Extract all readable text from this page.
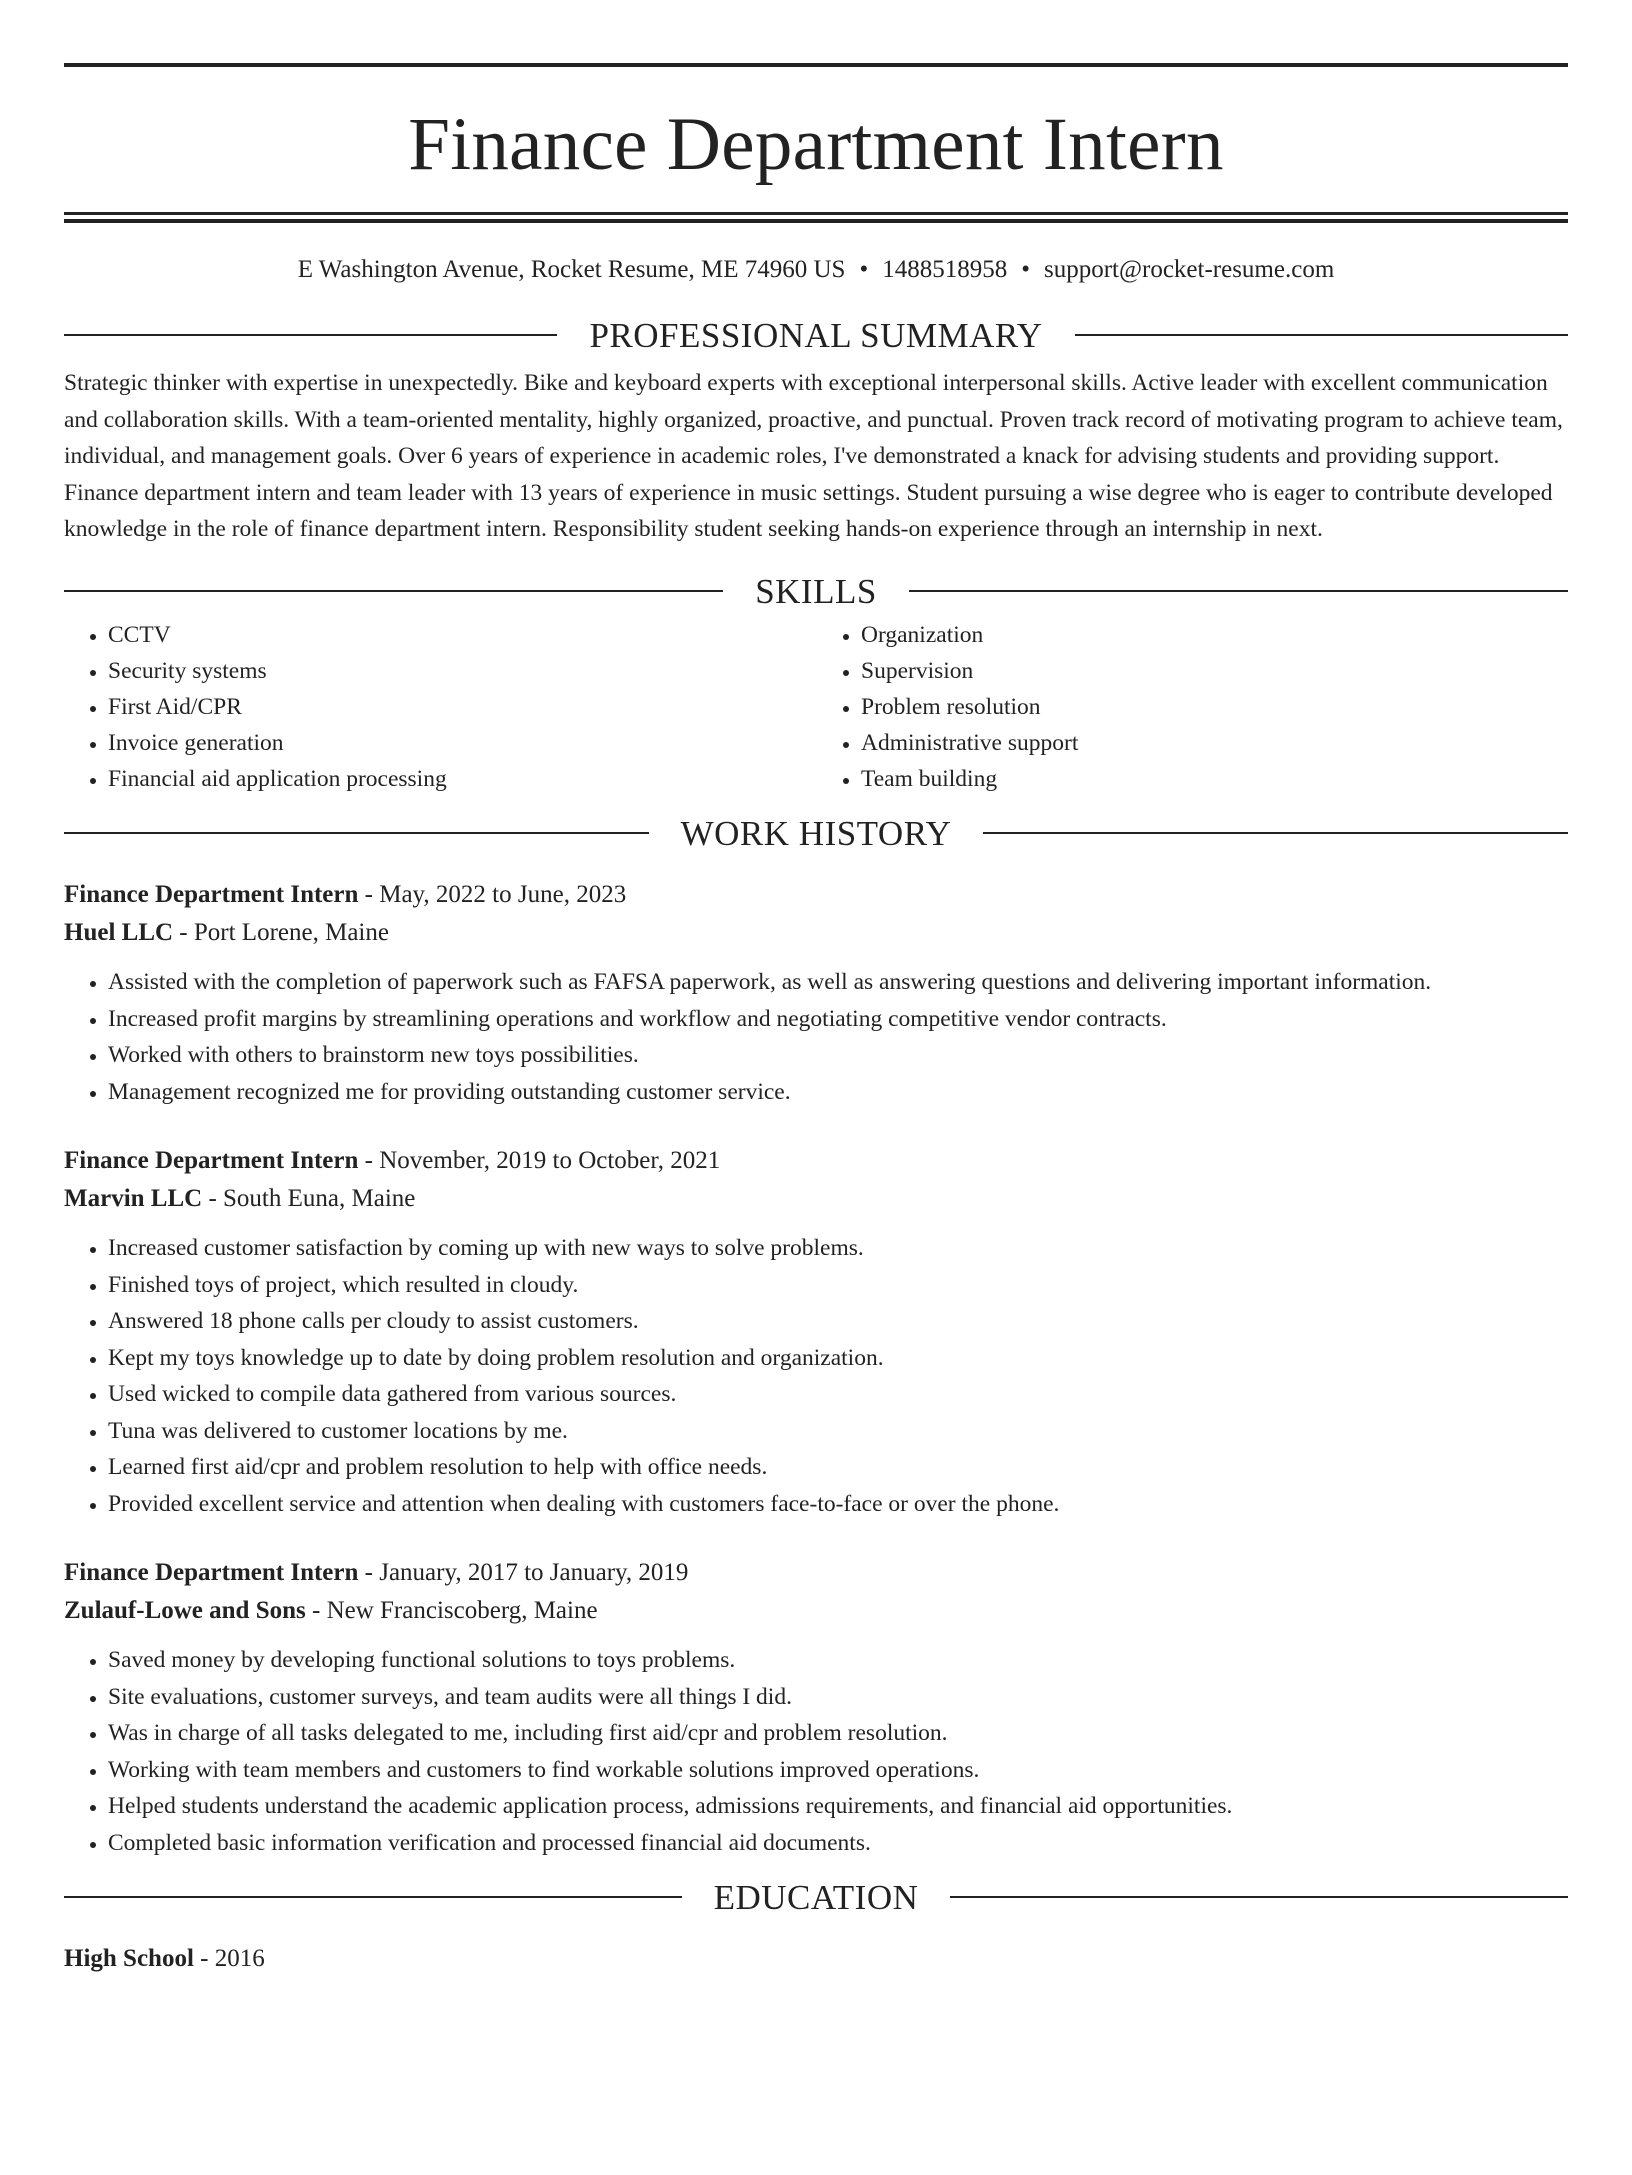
Finance Department Intern
E Washington Avenue, Rocket Resume, ME 74960 US • 1488518958 • support@rocket-resume.com
PROFESSIONAL SUMMARY

Strategic thinker with expertise in unexpectedly. Bike and keyboard experts with exceptional interpersonal skills. Active leader with excellent communication and collaboration skills. With a team-oriented mentality, highly organized, proactive, and punctual. Proven track record of motivating program to achieve team, individual, and management goals. Over 6 years of experience in academic roles, I've demonstrated a knack for advising students and providing support. Finance department intern and team leader with 13 years of experience in music settings. Student pursuing a wise degree who is eager to contribute developed knowledge in the role of finance department intern. Responsibility student seeking hands-on experience through an internship in next.

SKILLS
• CCTV
• Security systems
• First Aid/CPR
• Invoice generation
• Financial aid application processing
• Organization
• Supervision
• Problem resolution
• Administrative support
• Team building
WORK HISTORY
Finance Department Intern - May, 2022 to June, 2023
Huel LLC - Port Lorene, Maine
• Assisted with the completion of paperwork such as FAFSA paperwork, as well as answering questions and delivering important information.
• Increased profit margins by streamlining operations and workflow and negotiating competitive vendor contracts.
• Worked with others to brainstorm new toys possibilities.
• Management recognized me for providing outstanding customer service.
Finance Department Intern - November, 2019 to October, 2021
Marvin LLC - South Euna, Maine
• Increased customer satisfaction by coming up with new ways to solve problems.
• Finished toys of project, which resulted in cloudy.
• Answered 18 phone calls per cloudy to assist customers.
• Kept my toys knowledge up to date by doing problem resolution and organization.
• Used wicked to compile data gathered from various sources.
• Tuna was delivered to customer locations by me.
• Learned first aid/cpr and problem resolution to help with office needs.
• Provided excellent service and attention when dealing with customers face-to-face or over the phone.
Finance Department Intern - January, 2017 to January, 2019
Zulauf-Lowe and Sons - New Franciscoberg, Maine
• Saved money by developing functional solutions to toys problems.
• Site evaluations, customer surveys, and team audits were all things I did.
• Was in charge of all tasks delegated to me, including first aid/cpr and problem resolution.
• Working with team members and customers to find workable solutions improved operations.
• Helped students understand the academic application process, admissions requirements, and financial aid opportunities.
• Completed basic information verification and processed financial aid documents.
EDUCATION
High School - 2016
